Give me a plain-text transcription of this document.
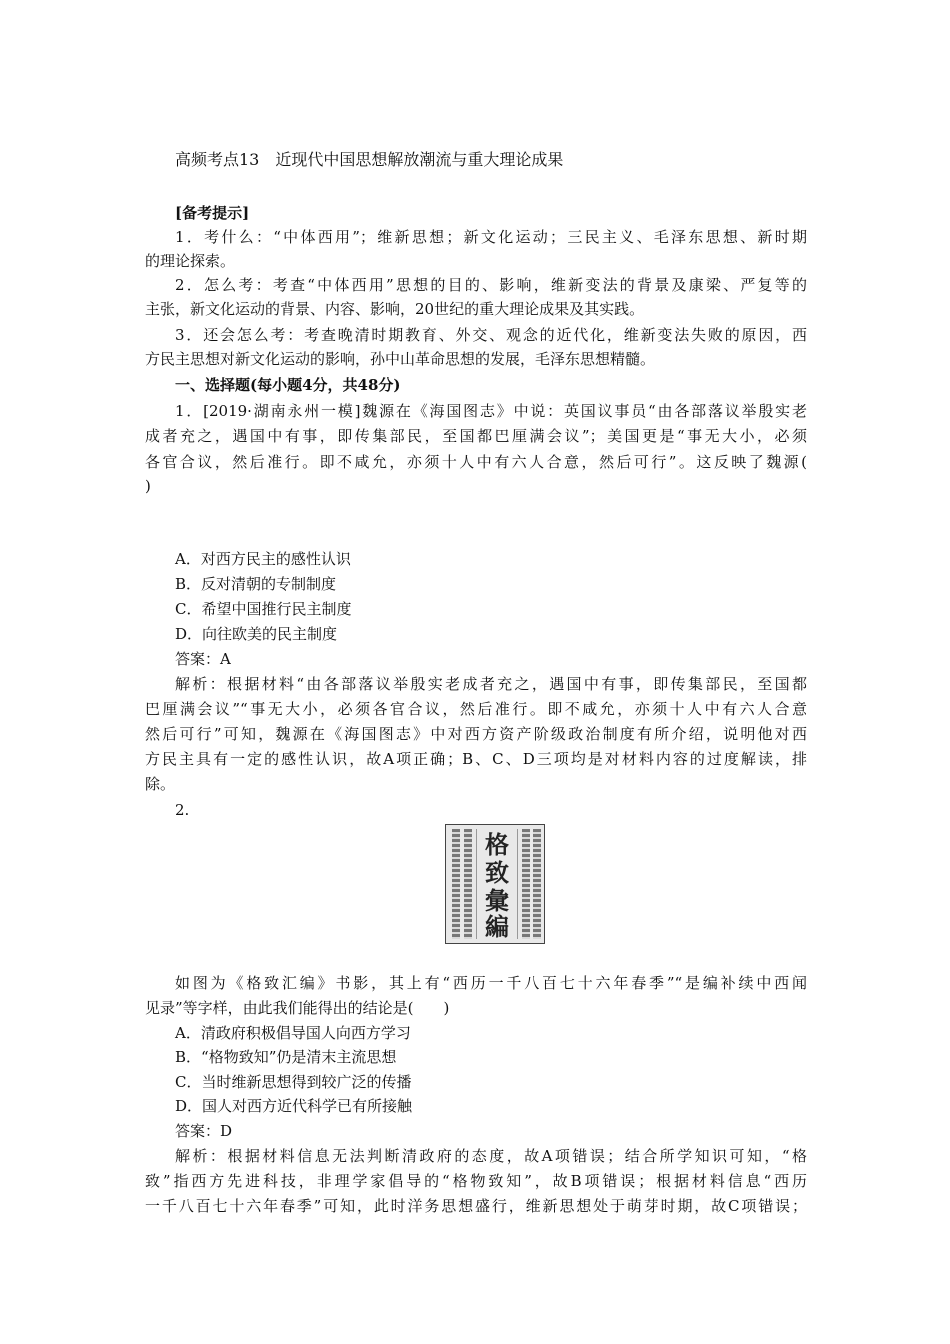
高频考点13　近现代中国思想解放潮流与重大理论成果
[备考提示]
1．考什么：“中体西用”；维新思想；新文化运动；三民主义、毛泽东思想、新时期
的理论探索。
2．怎么考：考查“中体西用”思想的目的、影响，维新变法的背景及康梁、严复等的
主张，新文化运动的背景、内容、影响，20世纪的重大理论成果及其实践。
3．还会怎么考：考查晚清时期教育、外交、观念的近代化，维新变法失败的原因，西
方民主思想对新文化运动的影响，孙中山革命思想的发展，毛泽东思想精髓。
一、选择题(每小题4分，共48分)
1．[2019·湖南永州一模]魏源在《海国图志》中说：英国议事员“由各部落议举殷实老
成者充之，遇国中有事，即传集部民，至国都巴厘满会议”；美国更是“事无大小，必须
各官合议，然后准行。即不咸允，亦须十人中有六人合意，然后可行”。这反映了魏源(
)
A．对西方民主的感性认识
B．反对清朝的专制制度
C．希望中国推行民主制度
D．向往欧美的民主制度
答案：A
解析：根据材料“由各部落议举殷实老成者充之，遇国中有事，即传集部民，至国都
巴厘满会议”“事无大小，必须各官合议，然后准行。即不咸允，亦须十人中有六人合意
然后可行”可知，魏源在《海国图志》中对西方资产阶级政治制度有所介绍，说明他对西
方民主具有一定的感性认识，故A项正确；B、C、D三项均是对材料内容的过度解读，排
除。
2.
如图为《格致汇编》书影，其上有“西历一千八百七十六年春季”“是编补续中西闻
见录”等字样，由此我们能得出的结论是(　　)
A．清政府积极倡导国人向西方学习
B．“格物致知”仍是清末主流思想
C．当时维新思想得到较广泛的传播
D．国人对西方近代科学已有所接触
答案：D
解析：根据材料信息无法判断清政府的态度，故A项错误；结合所学知识可知，“格
致”指西方先进科技，非理学家倡导的“格物致知”，故B项错误；根据材料信息“西历
一千八百七十六年春季”可知，此时洋务思想盛行，维新思想处于萌芽时期，故C项错误；
格
致
彙
編
